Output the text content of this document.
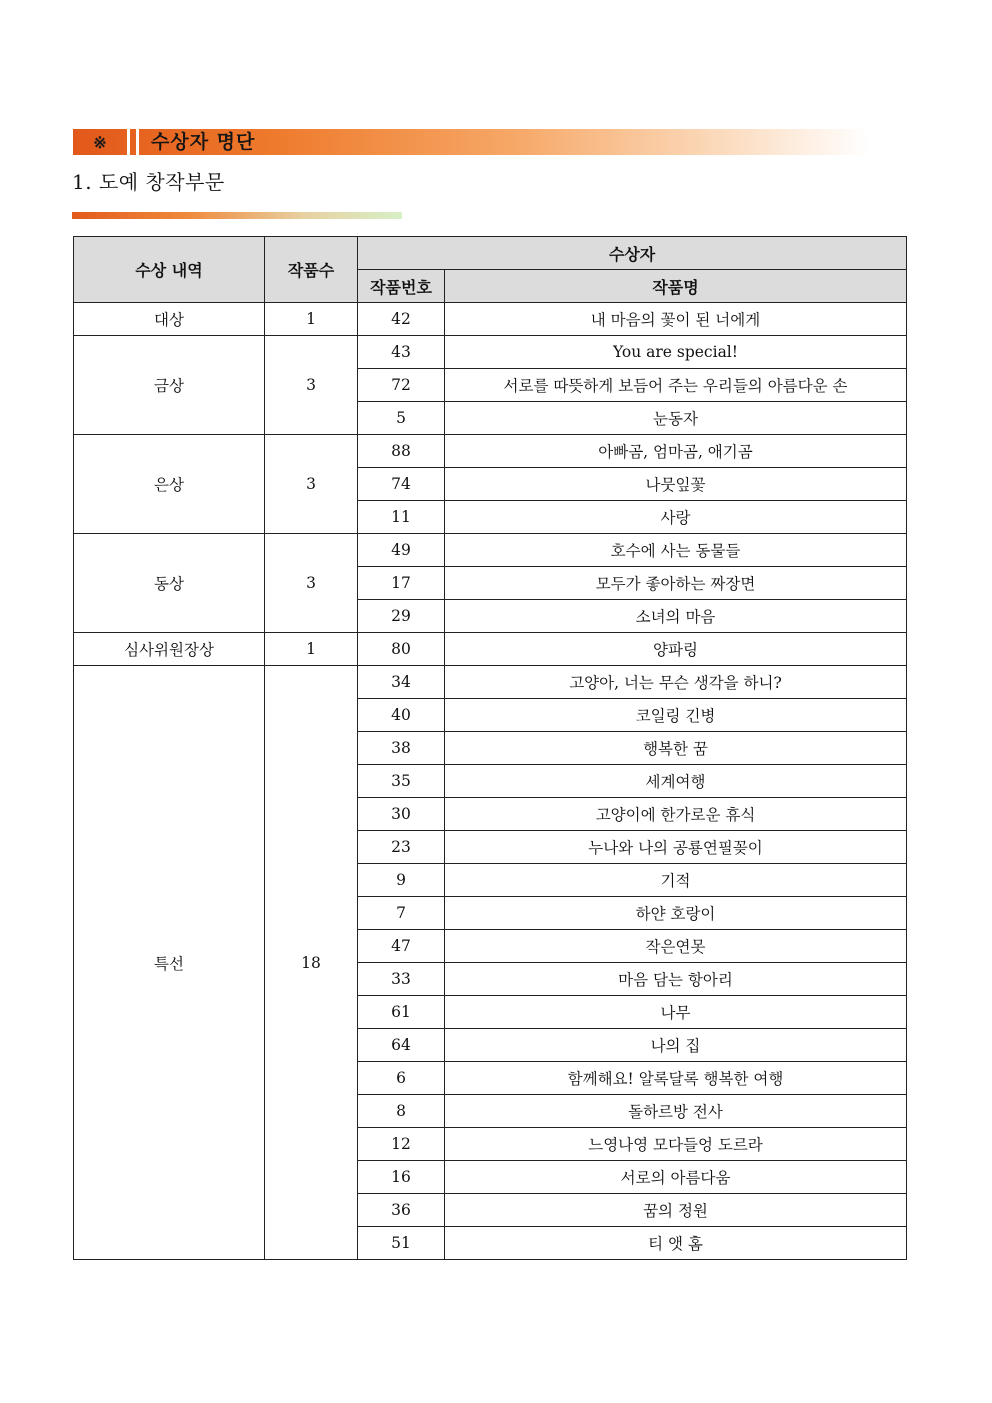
※	수상자 명단
1. 도예 창작부문
수상 내역	작품수	수상자	
		작품번호	작품명
대상	1	42	내 마음의 꽃이 된 너에게
금상	3	43	You are special!
		72	서로를 따뜻하게 보듬어 주는 우리들의 아름다운 손
		5	눈동자
은상	3	88	아빠곰, 엄마곰, 애기곰
		74	나뭇잎꽃
		11	사랑
동상	3	49	호수에 사는 동물들
		17	모두가 좋아하는 짜장면
		29	소녀의 마음
심사위원장상	1	80	양파링
특선	18	34	고양아, 너는 무슨 생각을 하니?
		40	코일링 긴병
		38	행복한 꿈
		35	세계여행
		30	고양이에 한가로운 휴식
		23	누나와 나의 공룡연필꽂이
		9	기적
		7	하얀 호랑이
		47	작은연못
		33	마음 담는 항아리
		61	나무
		64	나의 집
		6	함께해요! 알록달록 행복한 여행
		8	돌하르방 전사
		12	느영나영 모다들엉 도르라
		16	서로의 아름다움
		36	꿈의 정원
		51	티 앳 홈
